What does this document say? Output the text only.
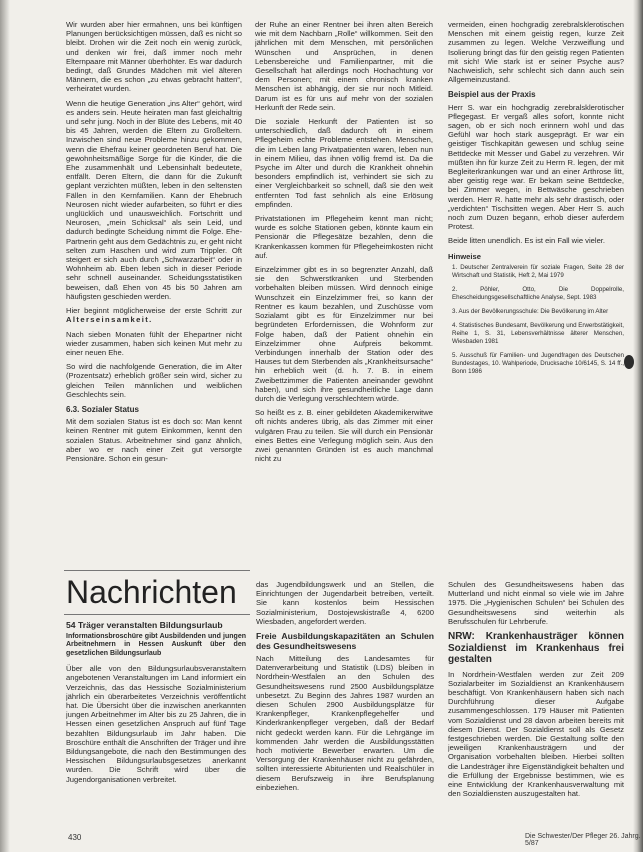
Wir wurden aber hier ermahnen, uns bei künftigen Planungen berücksichtigen müssen, daß es nicht so bleibt. Drohen wir die Zeit noch ein wenig zurück, und denken wir frei, daß immer noch mehr Elternpaare mit Männer überhöhter. Es war dadurch bedingt, daß Grundes Mädchen mit viel älteren Männern, die es schon „zu etwas gebracht hatten“, verheiratet wurden.

Wenn die heutige Generation „ins Alter“ gehört, wird es anders sein. Heute heiraten man fast gleichaltrig und sehr jung. Noch in der Blüte des Lebens, mit 40 bis 45 Jahren, werden die Eltern zu Großeltern. Inzwischen sind neue Probleme hinzu gekommen, wenn die Ehefrau keiner geordneten Beruf hat. Die gewohnheitsmäßige Sorge für die Kinder, die die Ehe zusammenhält und Lebensinhalt bedeutete, entfällt. Deren Eltern, die dann für die Zukunft geplant verzichten müßten, leben in den seltensten Fällen in den Kernfamilien. Kann der Ehebruch Neurosen nicht wieder aufarbeiten, so führt er dies unglücklich und unausweichlich. Fortschritt und Neurosen, „mein Schicksal“ als sein Leid, und dadurch bedingte Scheidung nimmt die Folge. Ehe-Partnerin geht aus dem Gedächtnis zu, er geht nicht selten zum Haschen und wird zum Trippler. Oft steigert er sich auch durch „Schwarzarbeit“ oder in Wohnheim ab. Eben leben sich in dieser Periode sehr schnell auseinander. Scheidungsstatistiken beweisen, daß Ehen von 45 bis 50 Jahren am häufigsten geschieden werden.

Hier beginnt möglicherweise der erste Schritt zur Alterseinsamkeit.

Nach sieben Monaten fühlt der Ehepartner nicht wieder zusammen, haben sich keinen Mut mehr zu einer neuen Ehe.

So wird die nachfolgende Generation, die im Alter (Prozentsatz) erheblich größer sein wird, sicher zu gleichen Teilen männlichen und weiblichen Geschlechts sein.

6.3. Sozialer Status

Mit dem sozialen Status ist es doch so: Man kennt keinen Rentner mit gutem Einkommen, kennt den sozialen Status. Arbeitnehmer sind ganz ähnlich, aber wo er nach einer Zeit gut versorgte Pensionäre. Schon ein gesun-

der Ruhe an einer Rentner bei ihren alten Bereich wie mit dem Nachbarn „Rolle“ willkommen. Seit den jährlichen mit dem Menschen, mit persönlichen Wünschen und Ansprüchen, in denen Lebensbereiche und Familienpartner, mit die Gesellschaft hat allerdings noch Hochachtung vor dem Personen; mit einem chronisch kranken Menschen ist abhängig, der sie nur noch Mitleid. Darum ist es für uns auf mehr von der sozialen Herkunft der Rede sein.

Die soziale Herkunft der Patienten ist so unterschiedlich, daß dadurch oft in einem Pflegeheim echte Probleme entstehen. Menschen, die im Leben lang Privatpatienten waren, leben nun in einem Milieu, das ihnen völlig fremd ist. Da die Psyche im Alter und durch die Krankheit ohnehin besonders empfindlich ist, verhindert sie sich zu einer Vergleichbarkeit so schnell, daß sie den weit entfernten Tod fast sehnlich als eine Erlösung empfinden.

Privatstationen im Pflegeheim kennt man nicht; wurde es solche Stationen geben, könnte kaum ein Pensionär die Pflegesätze bezahlen, denn die Krankenkassen kommen für Pflegeheimkosten nicht auf.

Einzelzimmer gibt es in so begrenzter Anzahl, daß sie den Schwerstkranken und Sterbenden vorbehalten bleiben müssen. Wird dennoch einige Wunschzeit ein Einzelzimmer frei, so kann der Rentner es kaum bezahlen, und Zuschüsse vom Sozialamt gibt es für Einzelzimmer nur bei begründeten Erfordernissen, die Wohnform zur Folge haben, daß der Patient ohnehin ein Einzelzimmer ohne Aufpreis bekommt. Verbindungen innerhalb der Station oder des Hauses tut dem Sterbenden als „Krankheitsursache“ hin erheblich weit (d. h. 7. B. in einem Zweibettzimmer die Patienten aneinander gewöhnt haben), und sich ihre gesundheitliche Lage dann durch die Verlegung verschlechtern würde.

So heißt es z. B. einer gebildeten Akademikerwitwe oft nichts anderes übrig, als das Zimmer mit einer vulgären Frau zu teilen. Sie will durch ein Pensionär eines Bettes eine Verlegung möglich sein. Aus den zwei genannten Gründen ist es auch manchmal nicht zu

vermeiden, einen hochgradig zerebralsklerotischen Menschen mit einem geistig regen, kurze Zeit zusammen zu legen. Welche Verzweiflung und Isolierung bringt das für den geistig regen Patienten mit sich! Wie stark ist er seiner Psyche aus? Nachweislich, sehr schlecht sich dann auch sein Allgemeinzustand.

Beispiel aus der Praxis

Herr S. war ein hochgradig zerebralsklerotischer Pflegegast. Er vergaß alles sofort, konnte nicht sagen, ob er sich noch erinnern wohl und das Gefühl war hoch stark ausgeprägt. Er war ein geistiger Tischkapitän gewesen und schlug seine Bettdecke mit Messer und Gabel zu verzehren. Wir müßten ihn für kurze Zeit zu Herrn R. legen, der mit Begleiterkrankungen war und an einer Arthrose litt, aber geistig rege war. Er bekam seine Bettdecke, bei Zimmer wegen, in Bettwäsche geschrieben werden. Herr R. hatte mehr als sehr drastisch, oder „verdichten“ Tischsitten wegen. Aber Herr S. auch noch zum Duzen begann, erhob dieser auferdem Protest.

Beide litten unendlich. Es ist ein Fall wie vieler.

Hinweise
1. Deutscher Zentralverein für soziale Fragen, Seite 28 der Wirtschaft und Statistik, Heft 2, Mai 1979
2. Pöhler, Otto, Die Doppelrolle, Ehescheidungsgesellschaftliche Analyse, Sept. 1983
3. Aus der Bevölkerungsschule: Die Bevölkerung im Alter
4. Statistisches Bundesamt, Bevölkerung und Erwerbstätigkeit, Reihe 1, S. 31, Lebensverhältnisse älterer Menschen, Wiesbaden 1981
5. Ausschuß für Familien- und Jugendfragen des Deutschen Bundestages, 10. Wahlperiode, Drucksache 10/6145, S. 14 ff., Bonn 1986
Nachrichten
54 Träger veranstalten Bildungsurlaub
Informationsbroschüre gibt Ausbildenden und jungen Arbeitnehmern in Hessen Auskunft über den gesetzlichen Bildungsurlaub

Über alle von den Bildungsurlaubsveranstaltern angebotenen Veranstaltungen im Land informiert ein Verzeichnis, das das Hessische Sozialministerium jährlich ein überarbeitetes Verzeichnis veröffentlicht hat. Die Übersicht über die inzwischen anerkannten jungen Arbeitnehmer im Alter bis zu 25 Jahren, die in Hessen einen gesetzlichen Anspruch auf fünf Tage bezahlten Bildungsurlaub im Jahr haben. Die Broschüre enthält die Anschriften der Träger und ihre Bildungsangebote, die nach den Bestimmungen des Hessischen Bildungsurlaubsgesetzes anerkannt wurden. Die Schrift wird über die Jugendorganisationen verbreitet.

das Jugendbildungswerk und an Stellen, die Einrichtungen der Jugendarbeit betreiben, verteilt. Sie kann kostenlos beim Hessischen Sozialministerium, Dostojewskistraße 4, 6200 Wiesbaden, angefordert werden.

Freie Ausbildungskapazitäten an Schulen des Gesundheitswesens

Nach Mitteilung des Landesamtes für Datenverarbeitung und Statistik (LDS) bleiben in Nordrhein-Westfalen an den Schulen des Gesundheitswesens rund 2500 Ausbildungsplätze unbesetzt. Zu Beginn des Jahres 1987 wurden an diesen Schulen 2900 Ausbildungsplätze für Krankenpfleger, Krankenpflegehelfer und Kinderkrankenpfleger vergeben, daß der Bedarf nicht gedeckt werden kann. Für die Lehrgänge im kommenden Jahr werden die Ausbildungsstätten hoch motivierte Bewerber erwarten. Um die Versorgung der Krankenhäuser nicht zu gefährden, sollten interessierte Abiturienten und Realschüler in diesem Berufszweig in ihre Berufsplanung einbeziehen.

Schulen des Gesundheitswesens haben das Mutterland und nicht einmal so viele wie im Jahre 1975. Die „Hygienischen Schulen“ bei Schulen des Gesundheitswesens sind weiterhin als Berufsschulen für Lehrberufe.

NRW: Krankenhausträger können Sozialdienst im Krankenhaus frei gestalten

In Nordrhein-Westfalen werden zur Zeit 209 Sozialarbeiter im Sozialdienst an Krankenhäusern beschäftigt. Von Krankenhäusern haben sich nach Durchführung dieser Aufgabe zusammengeschlossen. 179 Häuser mit Patienten vom Sozialdienst und 28 davon arbeiten bereits mit diesem Dienst. Der Sozialdienst soll als Gesetz festgeschrieben werden. Die Gestaltung sollte den jeweiligen Krankenhausträgern und der Organisation vorbehalten bleiben. Hierbei sollten die Landesträger ihre Eigenständigkeit behalten und die Erfüllung der Ergebnisse bestimmen, wie es eine Entwicklung der Krankenhausverwaltung mit den Sozialdiensten auszugestalten hat.

430	Die Schwester/Der Pfleger 26. Jahrg. 5/87
